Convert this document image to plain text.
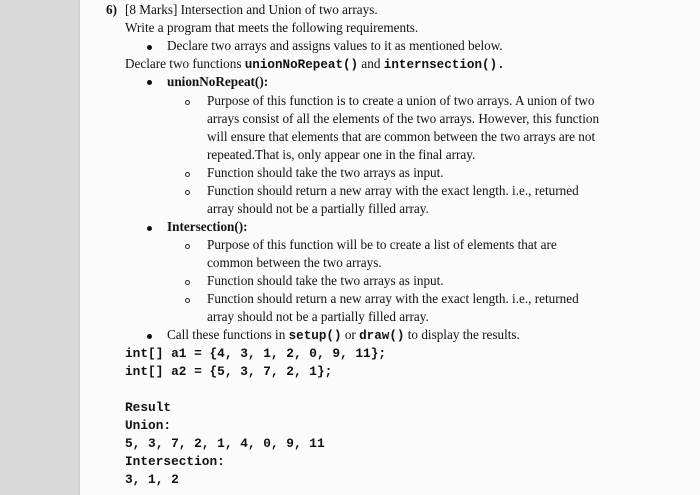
6) [8 Marks] Intersection and Union of two arrays.
Write a program that meets the following requirements.
Declare two arrays and assigns values to it as mentioned below.
Declare two functions unionNoRepeat() and internsection().
unionNoRepeat():
Purpose of this function is to create a union of two arrays. A union of two
arrays consist of all the elements of the two arrays. However, this function
will ensure that elements that are common between the two arrays are not
repeated.That is, only appear one in the final array.
Function should take the two arrays as input.
Function should return a new array with the exact length. i.e., returned
array should not be a partially filled array.
Intersection():
Purpose of this function will be to create a list of elements that are
common between the two arrays.
Function should take the two arrays as input.
Function should return a new array with the exact length. i.e., returned
array should not be a partially filled array.
Call these functions in setup() or draw() to display the results.
int[] a1 = {4, 3, 1, 2, 0, 9, 11};
int[] a2 = {5, 3, 7, 2, 1};
Result
Union:
5, 3, 7, 2, 1, 4, 0, 9, 11
Intersection:
3, 1, 2
